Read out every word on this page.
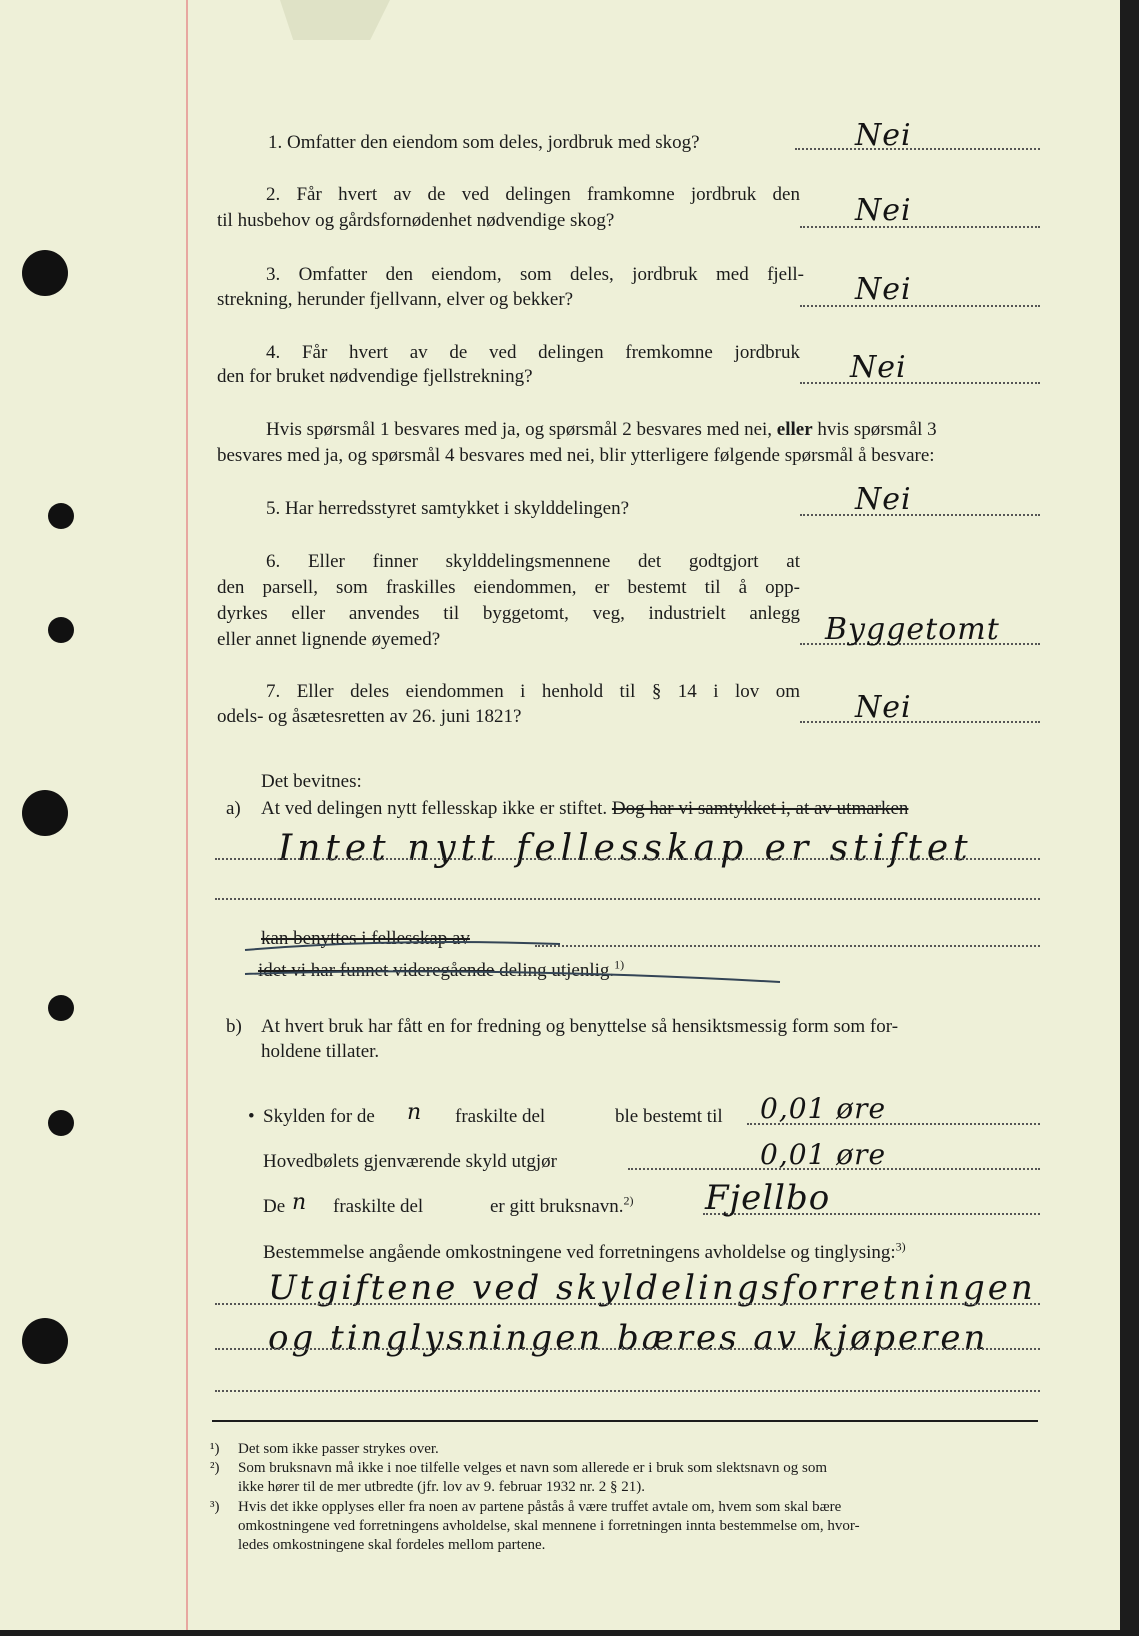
1. Omfatter den eiendom som deles, jordbruk med skog?	Nei
2. Får hvert av de ved delingen framkomne jordbruk den
til husbehov og gårdsfornødenhet nødvendige skog?	Nei
3. Omfatter den eiendom, som deles, jordbruk med fjell-
strekning, herunder fjellvann, elver og bekker?	Nei
4. Får hvert av de ved delingen fremkomne jordbruk
den for bruket nødvendige fjellstrekning?	Nei
Hvis spørsmål 1 besvares med ja, og spørsmål 2 besvares med nei, eller hvis spørsmål 3
besvares med ja, og spørsmål 4 besvares med nei, blir ytterligere følgende spørsmål å besvare:
5. Har herredsstyret samtykket i skylddelingen?	Nei
6. Eller finner skylddelingsmennene det godtgjort at
den parsell, som fraskilles eiendommen, er bestemt til å opp-
dyrkes eller anvendes til byggetomt, veg, industrielt anlegg
eller annet lignende øyemed?	Byggetomt
7. Eller deles eiendommen i henhold til § 14 i lov om
odels- og åsætesretten av 26. juni 1821?	Nei
Det bevitnes:
a) At ved delingen nytt fellesskap ikke er stiftet. Dog har vi samtykket i, at av utmarken
Intet nytt fellesskap er stiftet
kan benyttes i fellesskap av
idet vi har funnet videregående deling utjenlig.$^{1)}$
b) At hvert bruk har fått en for fredning og benyttelse så hensiktsmessig form som for-
holdene tillater.
• Skylden for de n fraskilte del	ble bestemt til 0,01 øre
Hovedbølets gjenværende skyld utgjør	0,01 øre
De n fraskilte del	er gitt bruksnavn.$^{2)}$ Fjellbo
Bestemmelse angående omkostningene ved forretningens avholdelse og tinglysing:$^{3)}$
Utgiftene ved skyldelingsforretningen
og tinglysningen bæres av kjøperen
¹) Det som ikke passer strykes over.
²) Som bruksnavn må ikke i noe tilfelle velges et navn som allerede er i bruk som slektsnavn og som
ikke hører til de mer utbredte (jfr. lov av 9. februar 1932 nr. 2 § 21).
³) Hvis det ikke opplyses eller fra noen av partene påstås å være truffet avtale om, hvem som skal bære
omkostningene ved forretningens avholdelse, skal mennene i forretningen innta bestemmelse om, hvor-
ledes omkostningene skal fordeles mellom partene.
